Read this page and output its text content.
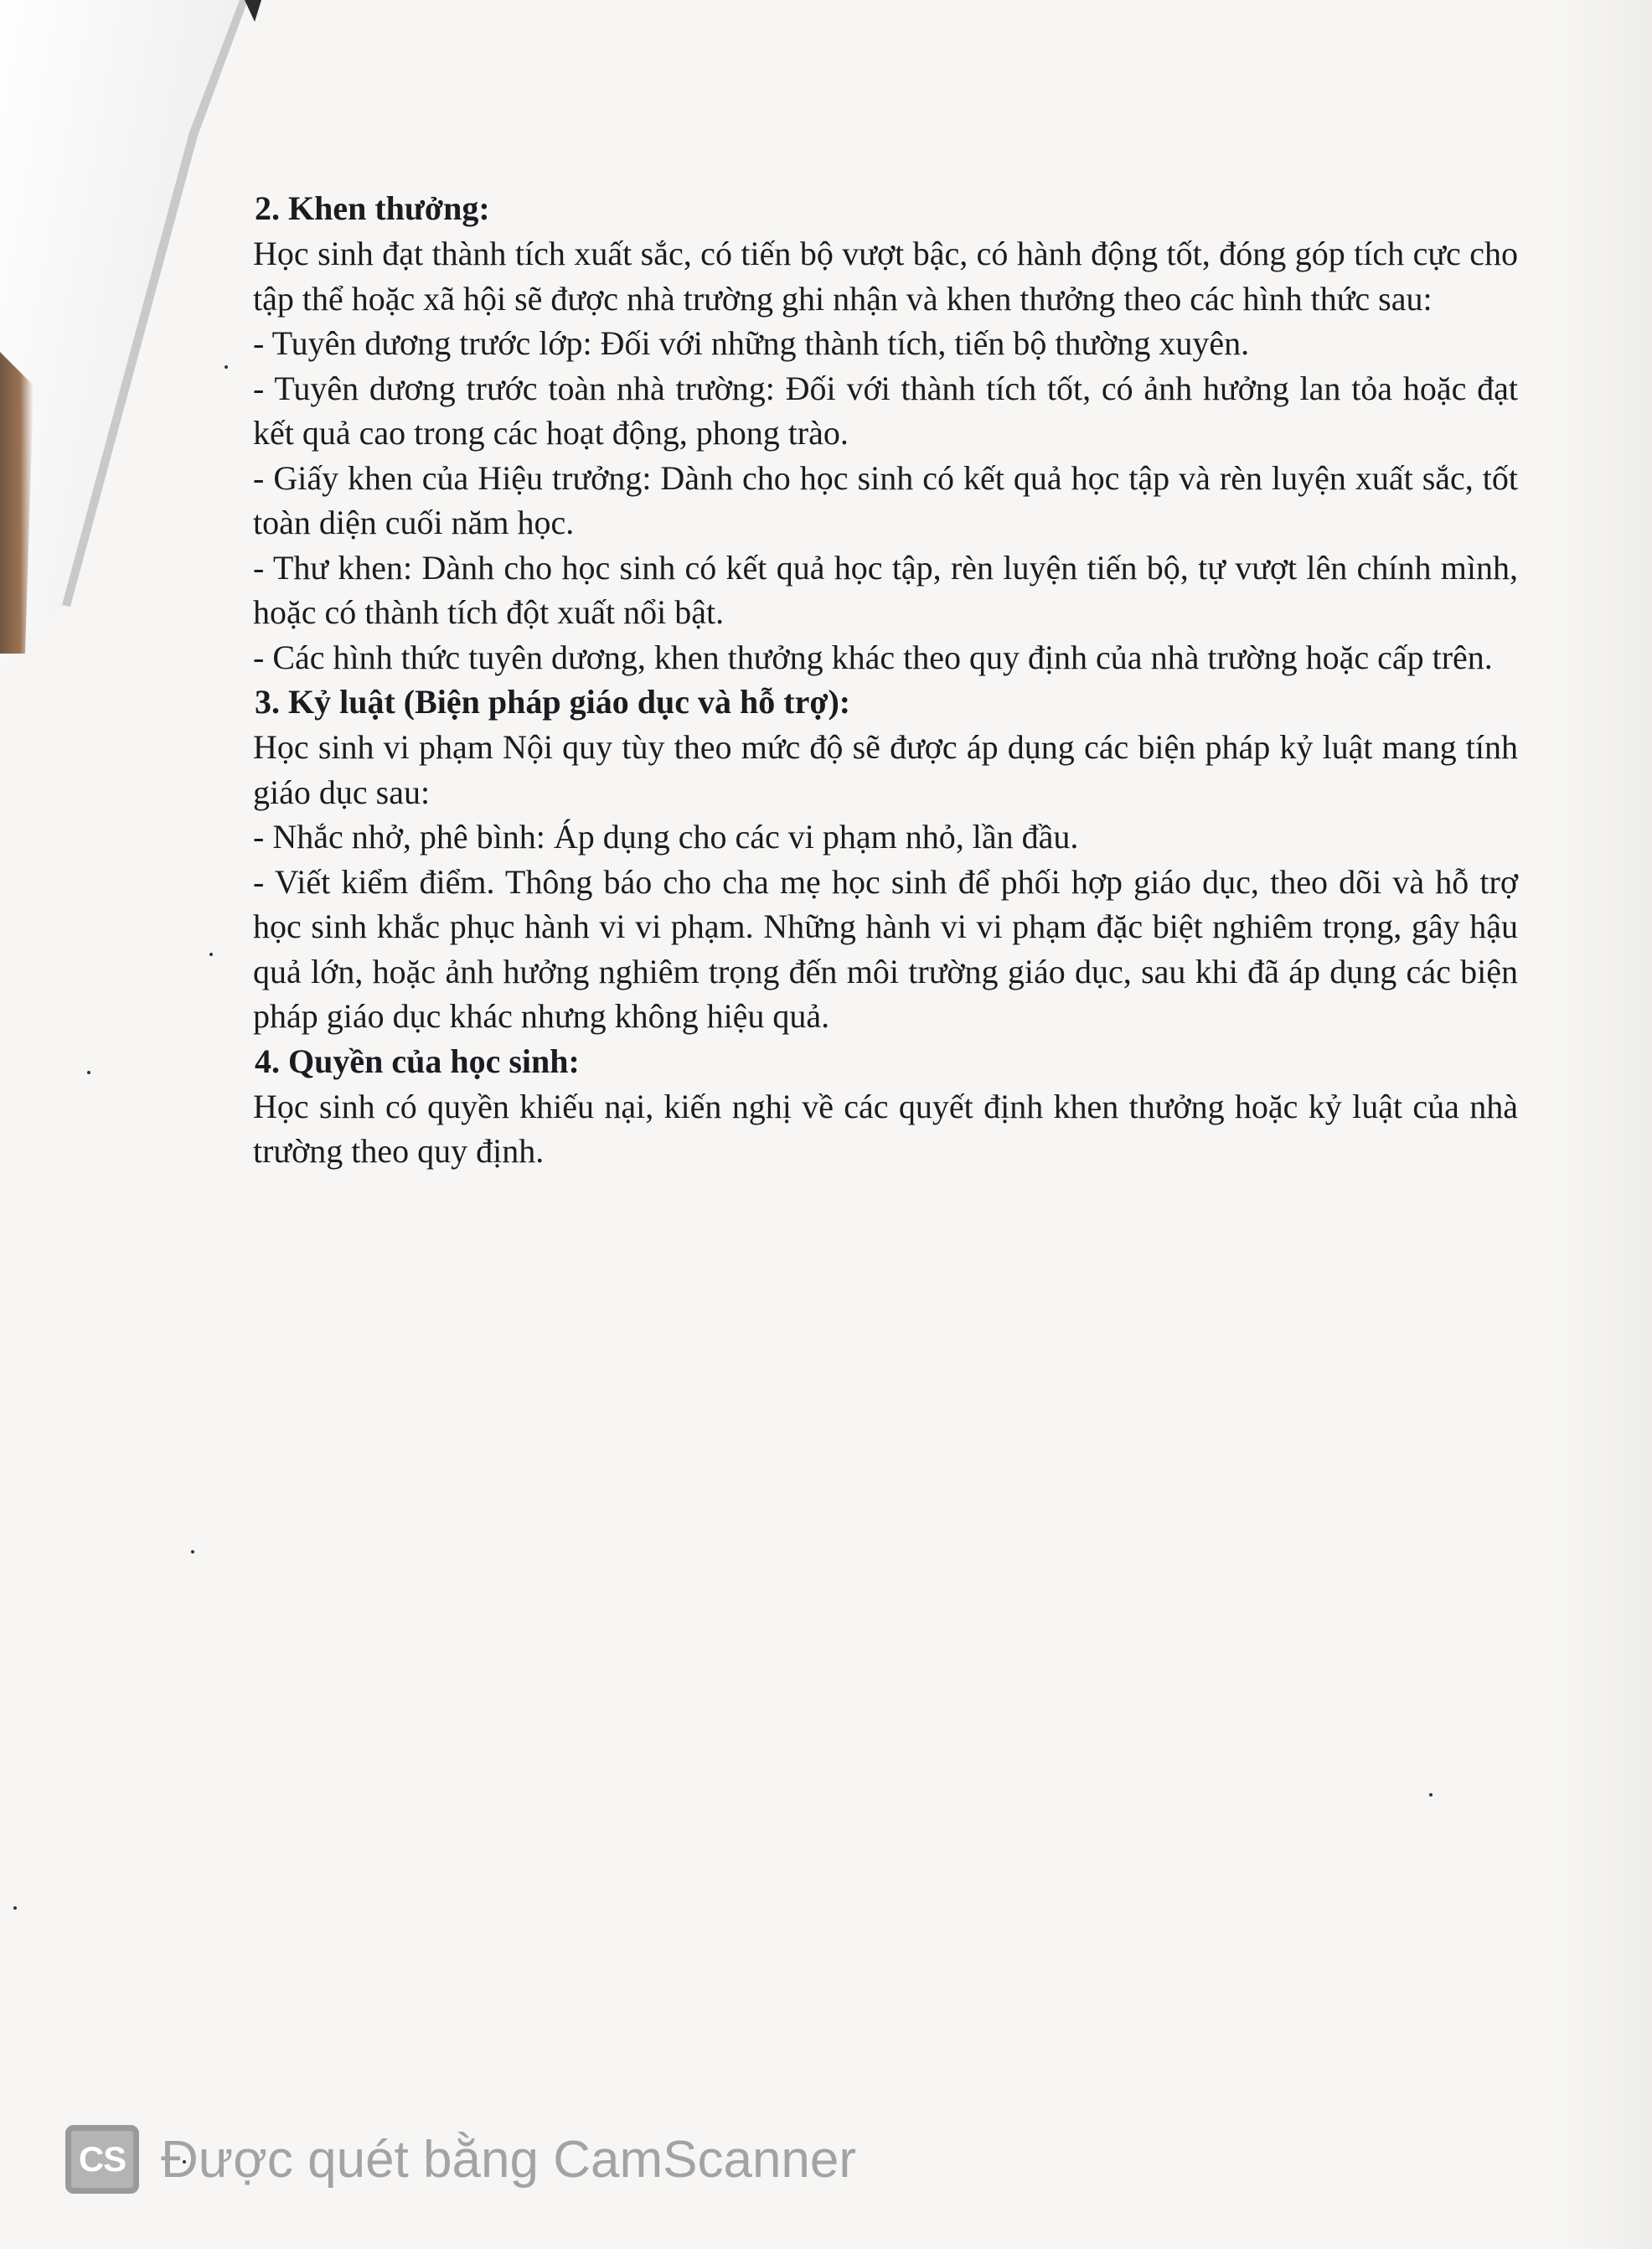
2. Khen thưởng:

Học sinh đạt thành tích xuất sắc, có tiến bộ vượt bậc, có hành động tốt, đóng góp tích cực cho tập thể hoặc xã hội sẽ được nhà trường ghi nhận và khen thưởng theo các hình thức sau:

- Tuyên dương trước lớp: Đối với những thành tích, tiến bộ thường xuyên.

- Tuyên dương trước toàn nhà trường: Đối với thành tích tốt, có ảnh hưởng lan tỏa hoặc đạt kết quả cao trong các hoạt động, phong trào.

- Giấy khen của Hiệu trưởng: Dành cho học sinh có kết quả học tập và rèn luyện xuất sắc, tốt toàn diện cuối năm học.

- Thư khen: Dành cho học sinh có kết quả học tập, rèn luyện tiến bộ, tự vượt lên chính mình, hoặc có thành tích đột xuất nổi bật.

- Các hình thức tuyên dương, khen thưởng khác theo quy định của nhà trường hoặc cấp trên.

3. Kỷ luật (Biện pháp giáo dục và hỗ trợ):

Học sinh vi phạm Nội quy tùy theo mức độ sẽ được áp dụng các biện pháp kỷ luật mang tính giáo dục sau:

- Nhắc nhở, phê bình: Áp dụng cho các vi phạm nhỏ, lần đầu.

- Viết kiểm điểm. Thông báo cho cha mẹ học sinh để phối hợp giáo dục, theo dõi và hỗ trợ học sinh khắc phục hành vi vi phạm. Những hành vi vi phạm đặc biệt nghiêm trọng, gây hậu quả lớn, hoặc ảnh hưởng nghiêm trọng đến môi trường giáo dục, sau khi đã áp dụng các biện pháp giáo dục khác nhưng không hiệu quả.

4. Quyền của học sinh:

Học sinh có quyền khiếu nại, kiến nghị về các quyết định khen thưởng hoặc kỷ luật của nhà trường theo quy định.

CS Được quét bằng CamScanner
